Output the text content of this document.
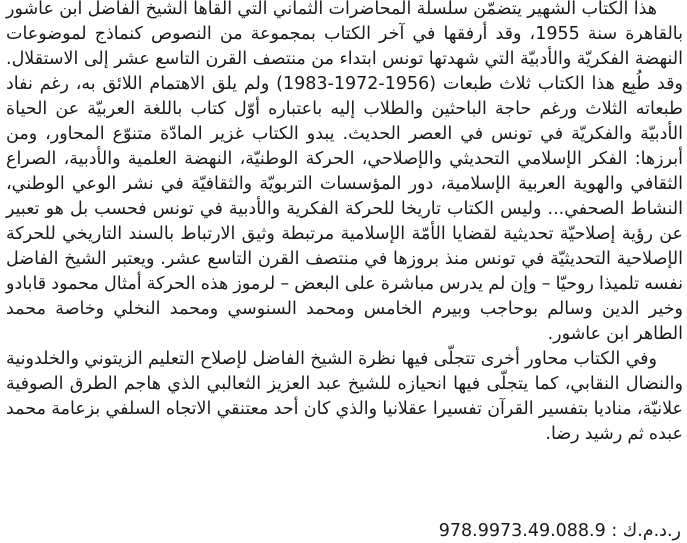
هذا الكتاب الشهير يتضمّن سلسلة المحاضرات الثماني التي ألقاها الشيخ الفاضل ابن عاشور بالقاهرة سنة 1955، وقد أرفقها في آخر الكتاب بمجموعة من النصوص كنماذج لموضوعات النهضة الفكريّة والأدبيّة التي شهدتها تونس ابتداء من منتصف القرن التاسع عشر إلى الاستقلال. وقد طُبِع هذا الكتاب ثلاث طبعات (1956-1972-1983) ولم يلق الاهتمام اللائق به، رغم نفاد طبعاته الثلاث ورغم حاجة الباحثين والطلاب إليه باعتباره أوّل كتاب باللغة العربيّة عن الحياة الأدبيّة والفكريّة في تونس في العصر الحديث. يبدو الكتاب غزير المادّة متنوّع المحاور، ومن أبرزها: الفكر الإسلامي التحديثي والإصلاحي، الحركة الوطنيّة، النهضة العلمية والأدبية، الصراع الثقافي والهوية العربية الإسلامية، دور المؤسسات التربويّة والثقافيّة في نشر الوعي الوطني، النشاط الصحفي... وليس الكتاب تاريخا للحركة الفكرية والأدبية في تونس فحسب بل هو تعبير عن رؤية إصلاحيّة تحديثية لقضايا الأمّة الإسلامية مرتبطة وثيق الارتباط بالسند التاريخي للحركة الإصلاحية التحديثيّة في تونس منذ بروزها في منتصف القرن التاسع عشر. ويعتبر الشيخ الفاضل نفسه تلميذا روحيّا – وإن لم يدرس مباشرة على البعض – لرموز هذه الحركة أمثال محمود قابادو وخير الدين وسالم بوحاجب وبيرم الخامس ومحمد السنوسي ومحمد النخلي وخاصة محمد الطاهر ابن عاشور.

وفي الكتاب محاور أخرى تتجلّى فيها نظرة الشيخ الفاضل لإصلاح التعليم الزيتوني والخلدونية والنضال النقابي، كما يتجلّى فيها انحيازه للشيخ عبد العزيز الثعالبي الذي هاجم الطرق الصوفية علانيّة، مناديا بتفسير القرآن تفسيرا عقلانيا والذي كان أحد معتنقي الاتجاه السلفي بزعامة محمد عبده ثم رشيد رضا.

ر.د.م.ك : 978.9973.49.088.9
